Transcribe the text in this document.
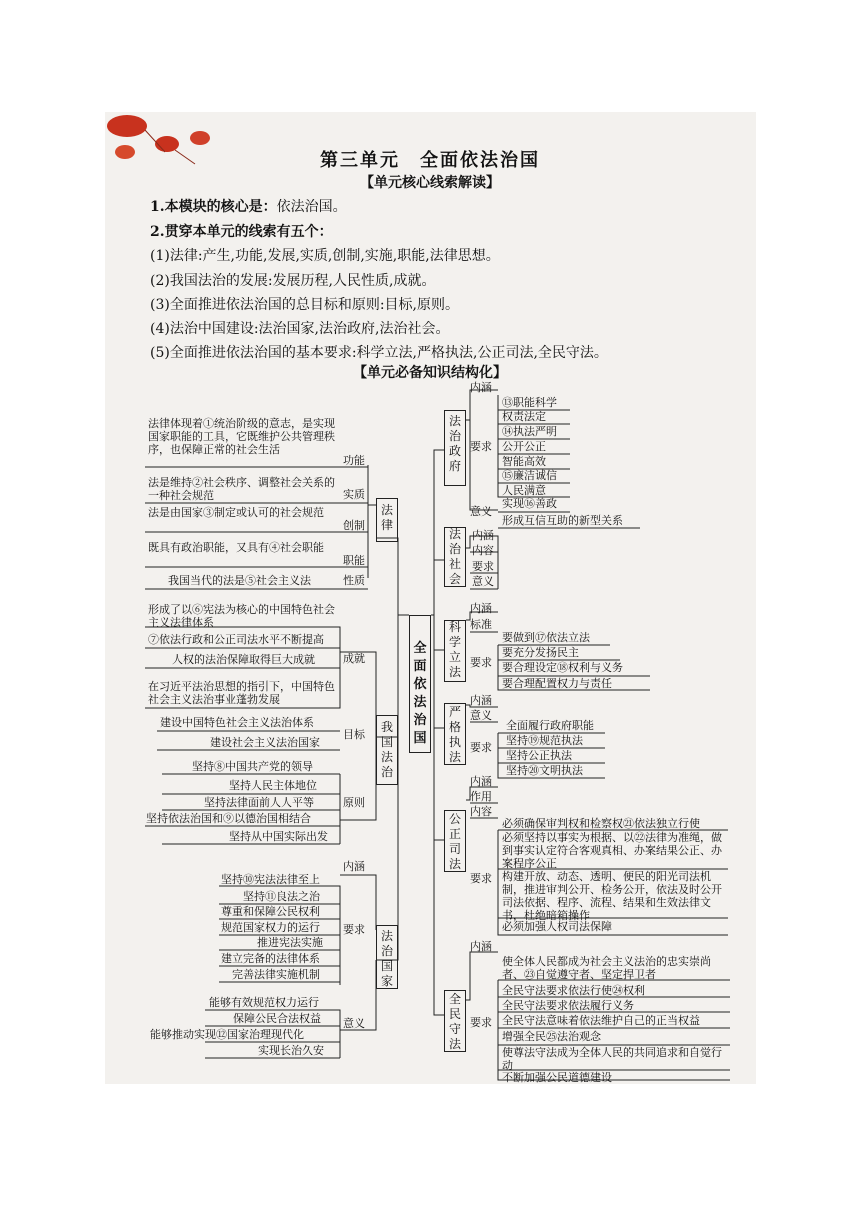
第三单元　全面依法治国
【单元核心线索解读】
1.本模块的核心是：依法治国。
2.贯穿本单元的线索有五个：
(1)法律:产生,功能,发展,实质,创制,实施,职能,法律思想。
(2)我国法治的发展:发展历程,人民性质,成就。
(3)全面推进依法治国的总目标和原则:目标,原则。
(4)法治中国建设:法治国家,法治政府,法治社会。
(5)全面推进依法治国的基本要求:科学立法,严格执法,公正司法,全民守法。
【单元必备知识结构化】
全面依法治国
法律
法律体现着①统治阶级的意志，是实现国家职能的工具，它既维护公共管理秩序，也保障正常的社会生活
功能
法是维持②社会秩序、调整社会关系的一种社会规范	实质
法是由国家③制定或认可的社会规范
创制
既具有政治职能，又具有④社会职能
职能
我国当代的法是⑤社会主义法	性质
我国法治
形成了以⑥宪法为核心的中国特色社会主义法律体系
⑦依法行政和公正司法水平不断提高
人权的法治保障取得巨大成就
在习近平法治思想的指引下，中国特色社会主义法治事业蓬勃发展
成就
建设中国特色社会主义法治体系
建设社会主义法治国家
目标
坚持⑧中国共产党的领导
坚持人民主体地位
坚持法律面前人人平等
坚持依法治国和⑨以德治国相结合
坚持从中国实际出发
原则
法治国家
内涵
坚持⑩宪法法律至上
坚持⑪良法之治
尊重和保障公民权利
规范国家权力的运行
推进宪法实施
建立完备的法律体系
完善法律实施机制
要求
能够有效规范权力运行
保障公民合法权益
能够推动实现⑫国家治理现代化
实现长治久安
意义
法治政府
内涵
要求
⑬职能科学
权责法定
⑭执法严明
公开公正
智能高效
⑮廉洁诚信
人民满意
意义
实现⑯善政
形成互信互助的新型关系
法治社会
内涵
内容
要求
意义
科学立法
内涵
标准
要求
要做到⑰依法立法
要充分发扬民主
要合理设定⑱权利与义务
要合理配置权力与责任
严格执法
内涵
意义
要求
全面履行政府职能
坚持⑲规范执法
坚持公正执法
坚持⑳文明执法
公正司法
内涵
作用
内容
要求
必须确保审判权和检察权㉑依法独立行使
必须坚持以事实为根据、以㉒法律为准绳，做到事实认定符合客观真相、办案结果公正、办案程序公正
构建开放、动态、透明、便民的阳光司法机制，推进审判公开、检务公开，依法及时公开司法依据、程序、流程、结果和生效法律文书，杜绝暗箱操作
必须加强人权司法保障
全民守法
内涵
要求
使全体人民都成为社会主义法治的忠实崇尚者、㉓自觉遵守者、坚定捍卫者
全民守法要求依法行使㉔权利
全民守法要求依法履行义务
全民守法意味着依法维护自己的正当权益
增强全民㉕法治观念
使尊法守法成为全体人民的共同追求和自觉行动
不断加强公民道德建设
